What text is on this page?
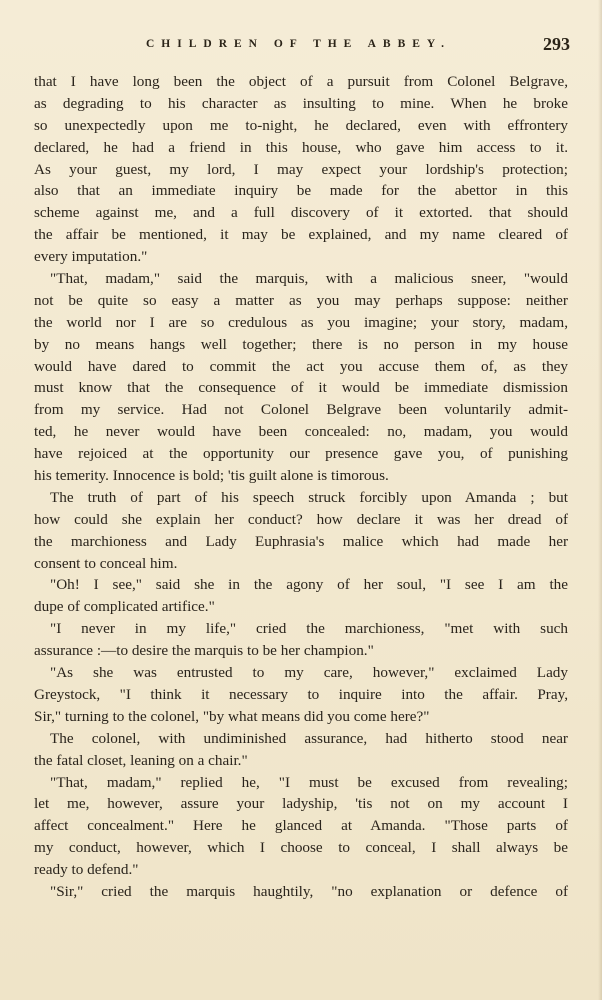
CHILDREN OF THE ABBEY.	293
that I have long been the object of a pursuit from Colonel Belgrave,
as degrading to his character as insulting to mine. When he broke
so unexpectedly upon me to-night, he declared, even with effrontery
declared, he had a friend in this house, who gave him access to it.
As your guest, my lord, I may expect your lordship's protection;
also that an immediate inquiry be made for the abettor in this
scheme against me, and a full discovery of it extorted. that should
the affair be mentioned, it may be explained, and my name cleared of
every imputation."
"That, madam," said the marquis, with a malicious sneer, "would
not be quite so easy a matter as you may perhaps suppose: neither
the world nor I are so credulous as you imagine; your story, madam,
by no means hangs well together; there is no person in my house
would have dared to commit the act you accuse them of, as they
must know that the consequence of it would be immediate dismission
from my service. Had not Colonel Belgrave been voluntarily admit-
ted, he never would have been concealed: no, madam, you would
have rejoiced at the opportunity our presence gave you, of punishing
his temerity. Innocence is bold; 'tis guilt alone is timorous.
The truth of part of his speech struck forcibly upon Amanda ; but
how could she explain her conduct? how declare it was her dread of
the marchioness and Lady Euphrasia's malice which had made her
consent to conceal him.
"Oh! I see," said she in the agony of her soul, "I see I am the
dupe of complicated artifice."
"I never in my life," cried the marchioness, "met with such
assurance :—to desire the marquis to be her champion."
"As she was entrusted to my care, however," exclaimed Lady
Greystock, "I think it necessary to inquire into the affair. Pray,
Sir," turning to the colonel, "by what means did you come here?"
The colonel, with undiminished assurance, had hitherto stood near
the fatal closet, leaning on a chair."
"That, madam," replied he, "I must be excused from revealing;
let me, however, assure your ladyship, 'tis not on my account I
affect concealment." Here he glanced at Amanda. "Those parts of
my conduct, however, which I choose to conceal, I shall always be
ready to defend."
"Sir," cried the marquis haughtily, "no explanation or defence of
